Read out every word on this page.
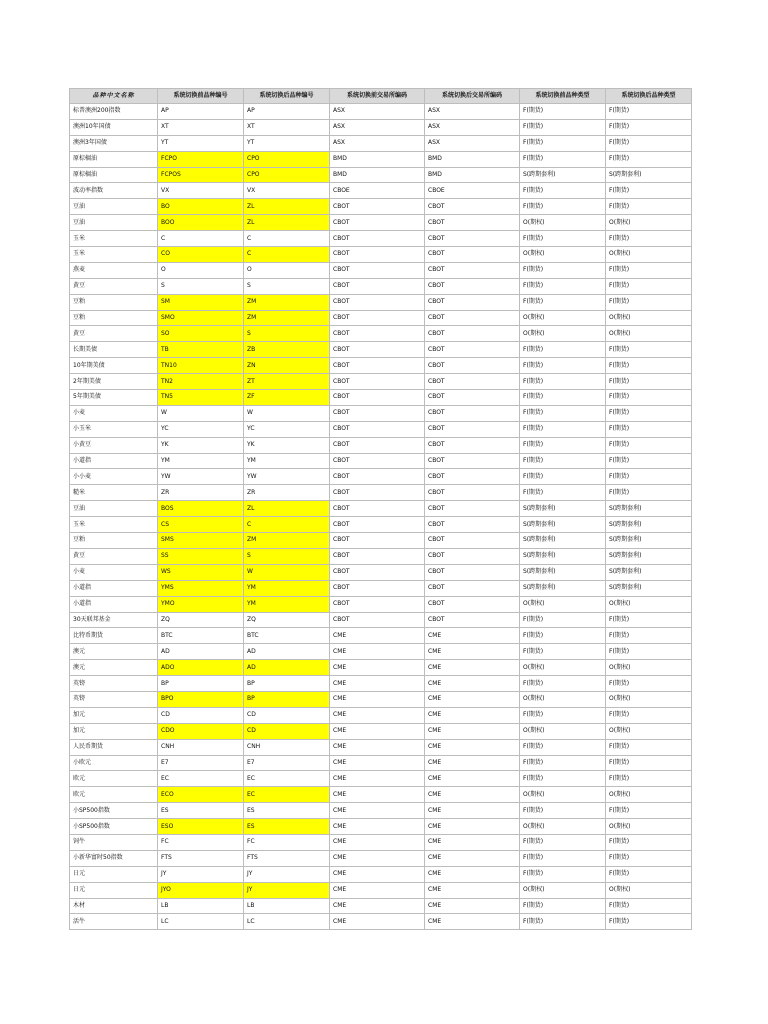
品种中文名称	系统切换前品种编号	系统切换后品种编号	系统切换前交易所编码	系统切换后交易所编码	系统切换前品种类型	系统切换后品种类型
标普澳洲200指数	AP	AP	ASX	ASX	F(期货)	F(期货)
澳洲10年国债	XT	XT	ASX	ASX	F(期货)	F(期货)
澳洲3年国债	YT	YT	ASX	ASX	F(期货)	F(期货)
原棕榈油	FCPO	CPO	BMD	BMD	F(期货)	F(期货)
原棕榈油	FCPOS	CPO	BMD	BMD	S(跨期套利)	S(跨期套利)
波动率指数	VX	VX	CBOE	CBOE	F(期货)	F(期货)
豆油	BO	ZL	CBOT	CBOT	F(期货)	F(期货)
豆油	BOO	ZL	CBOT	CBOT	O(期权)	O(期权)
玉米	C	C	CBOT	CBOT	F(期货)	F(期货)
玉米	CO	C	CBOT	CBOT	O(期权)	O(期权)
燕麦	O	O	CBOT	CBOT	F(期货)	F(期货)
黄豆	S	S	CBOT	CBOT	F(期货)	F(期货)
豆粕	SM	ZM	CBOT	CBOT	F(期货)	F(期货)
豆粕	SMO	ZM	CBOT	CBOT	O(期权)	O(期权)
黄豆	SO	S	CBOT	CBOT	O(期权)	O(期权)
长期美债	TB	ZB	CBOT	CBOT	F(期货)	F(期货)
10年期美债	TN10	ZN	CBOT	CBOT	F(期货)	F(期货)
2年期美债	TN2	ZT	CBOT	CBOT	F(期货)	F(期货)
5年期美债	TN5	ZF	CBOT	CBOT	F(期货)	F(期货)
小麦	W	W	CBOT	CBOT	F(期货)	F(期货)
小玉米	YC	YC	CBOT	CBOT	F(期货)	F(期货)
小黄豆	YK	YK	CBOT	CBOT	F(期货)	F(期货)
小道指	YM	YM	CBOT	CBOT	F(期货)	F(期货)
小小麦	YW	YW	CBOT	CBOT	F(期货)	F(期货)
糙米	ZR	ZR	CBOT	CBOT	F(期货)	F(期货)
豆油	BOS	ZL	CBOT	CBOT	S(跨期套利)	S(跨期套利)
玉米	CS	C	CBOT	CBOT	S(跨期套利)	S(跨期套利)
豆粕	SMS	ZM	CBOT	CBOT	S(跨期套利)	S(跨期套利)
黄豆	SS	S	CBOT	CBOT	S(跨期套利)	S(跨期套利)
小麦	WS	W	CBOT	CBOT	S(跨期套利)	S(跨期套利)
小道指	YMS	YM	CBOT	CBOT	S(跨期套利)	S(跨期套利)
小道指	YMO	YM	CBOT	CBOT	O(期权)	O(期权)
30天联邦基金	ZQ	ZQ	CBOT	CBOT	F(期货)	F(期货)
比特币期货	BTC	BTC	CME	CME	F(期货)	F(期货)
澳元	AD	AD	CME	CME	F(期货)	F(期货)
澳元	ADO	AD	CME	CME	O(期权)	O(期权)
英镑	BP	BP	CME	CME	F(期货)	F(期货)
英镑	BPO	BP	CME	CME	O(期权)	O(期权)
加元	CD	CD	CME	CME	F(期货)	F(期货)
加元	CDO	CD	CME	CME	O(期权)	O(期权)
人民币期货	CNH	CNH	CME	CME	F(期货)	F(期货)
小欧元	E7	E7	CME	CME	F(期货)	F(期货)
欧元	EC	EC	CME	CME	F(期货)	F(期货)
欧元	ECO	EC	CME	CME	O(期权)	O(期权)
小SP500指数	ES	ES	CME	CME	F(期货)	F(期货)
小SP500指数	ESO	ES	CME	CME	O(期权)	O(期权)
饲牛	FC	FC	CME	CME	F(期货)	F(期货)
小新华富时50指数	FTS	FTS	CME	CME	F(期货)	F(期货)
日元	JY	JY	CME	CME	F(期货)	F(期货)
日元	JYO	JY	CME	CME	O(期权)	O(期权)
木材	LB	LB	CME	CME	F(期货)	F(期货)
活牛	LC	LC	CME	CME	F(期货)	F(期货)
